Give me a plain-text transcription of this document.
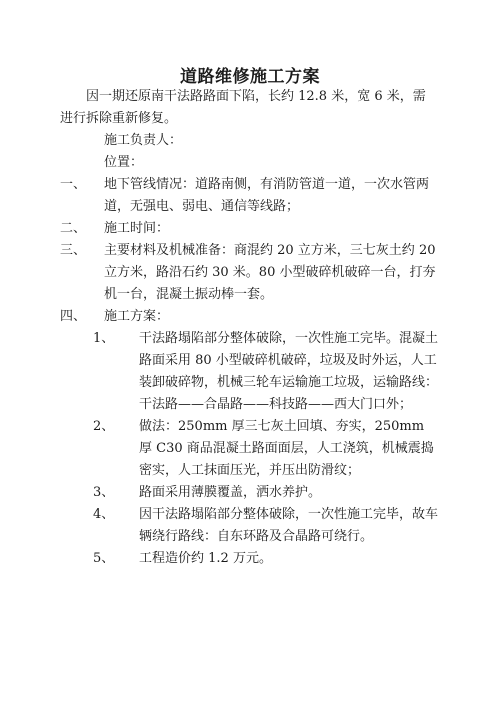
道路维修施工方案
因一期还原南干法路路面下陷，长约 12.8 米，宽 6 米，需进行拆除重新修复。
施工负责人：
位置：
一、	地下管线情况：道路南侧，有消防管道一道，一次水管两道，无强电、弱电、通信等线路；
二、	施工时间：
三、	主要材料及机械准备：商混约 20 立方米，三七灰土约 20 立方米，路沿石约 30 米。80 小型破碎机破碎一台，打夯机一台，混凝土振动棒一套。
四、	施工方案：
1、	干法路塌陷部分整体破除，一次性施工完毕。混凝土路面采用 80 小型破碎机破碎，垃圾及时外运，人工装卸破碎物，机械三轮车运输施工垃圾，运输路线：干法路——合晶路——科技路——西大门口外；
2、	做法：250mm 厚三七灰土回填、夯实，250mm 厚 C30 商品混凝土路面面层，人工浇筑，机械震捣密实，人工抹面压光，并压出防滑纹；
3、	路面采用薄膜覆盖，洒水养护。
4、	因干法路塌陷部分整体破除，一次性施工完毕，故车辆绕行路线：自东环路及合晶路可绕行。
5、	工程造价约 1.2 万元。
